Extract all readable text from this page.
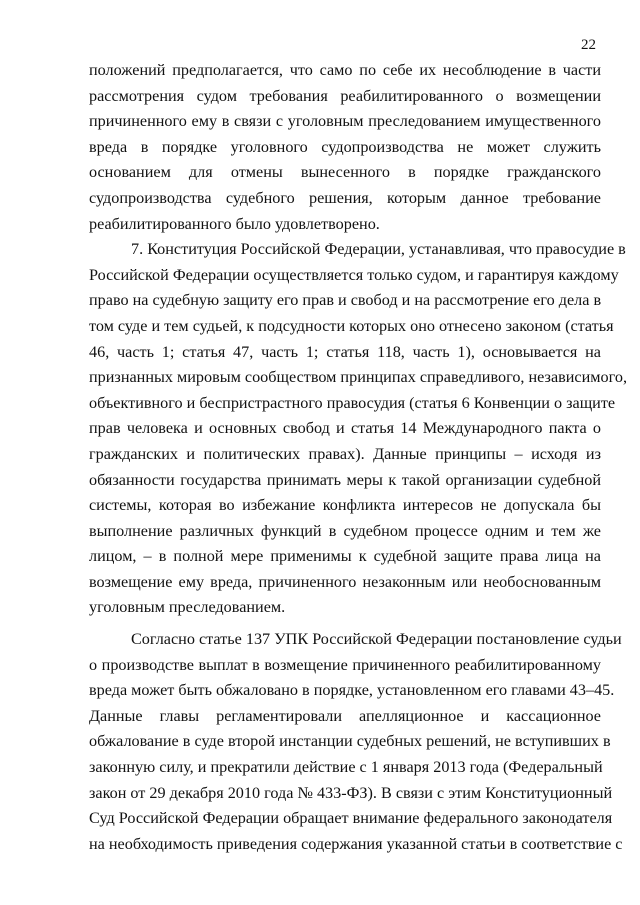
22
положений предполагается, что само по себе их несоблюдение в части
рассмотрения судом требования реабилитированного о возмещении
причиненного ему в связи с уголовным преследованием имущественного
вреда в порядке уголовного судопроизводства не может служить
основанием для отмены вынесенного в порядке гражданского
судопроизводства судебного решения, которым данное требование
реабилитированного было удовлетворено.
7. Конституция Российской Федерации, устанавливая, что правосудие в
Российской Федерации осуществляется только судом, и гарантируя каждому
право на судебную защиту его прав и свобод и на рассмотрение его дела в
том суде и тем судьей, к подсудности которых оно отнесено законом (статья
46, часть 1; статья 47, часть 1; статья 118, часть 1), основывается на
признанных мировым сообществом принципах справедливого, независимого,
объективного и беспристрастного правосудия (статья 6 Конвенции о защите
прав человека и основных свобод и статья 14 Международного пакта о
гражданских и политических правах). Данные принципы – исходя из
обязанности государства принимать меры к такой организации судебной
системы, которая во избежание конфликта интересов не допускала бы
выполнение различных функций в судебном процессе одним и тем же
лицом, – в полной мере применимы к судебной защите права лица на
возмещение ему вреда, причиненного незаконным или необоснованным
уголовным преследованием.
Согласно статье 137 УПК Российской Федерации постановление судьи
о производстве выплат в возмещение причиненного реабилитированному
вреда может быть обжаловано в порядке, установленном его главами 43–45.
Данные главы регламентировали апелляционное и кассационное
обжалование в суде второй инстанции судебных решений, не вступивших в
законную силу, и прекратили действие с 1 января 2013 года (Федеральный
закон от 29 декабря 2010 года № 433-ФЗ). В связи с этим Конституционный
Суд Российской Федерации обращает внимание федерального законодателя
на необходимость приведения содержания указанной статьи в соответствие с
